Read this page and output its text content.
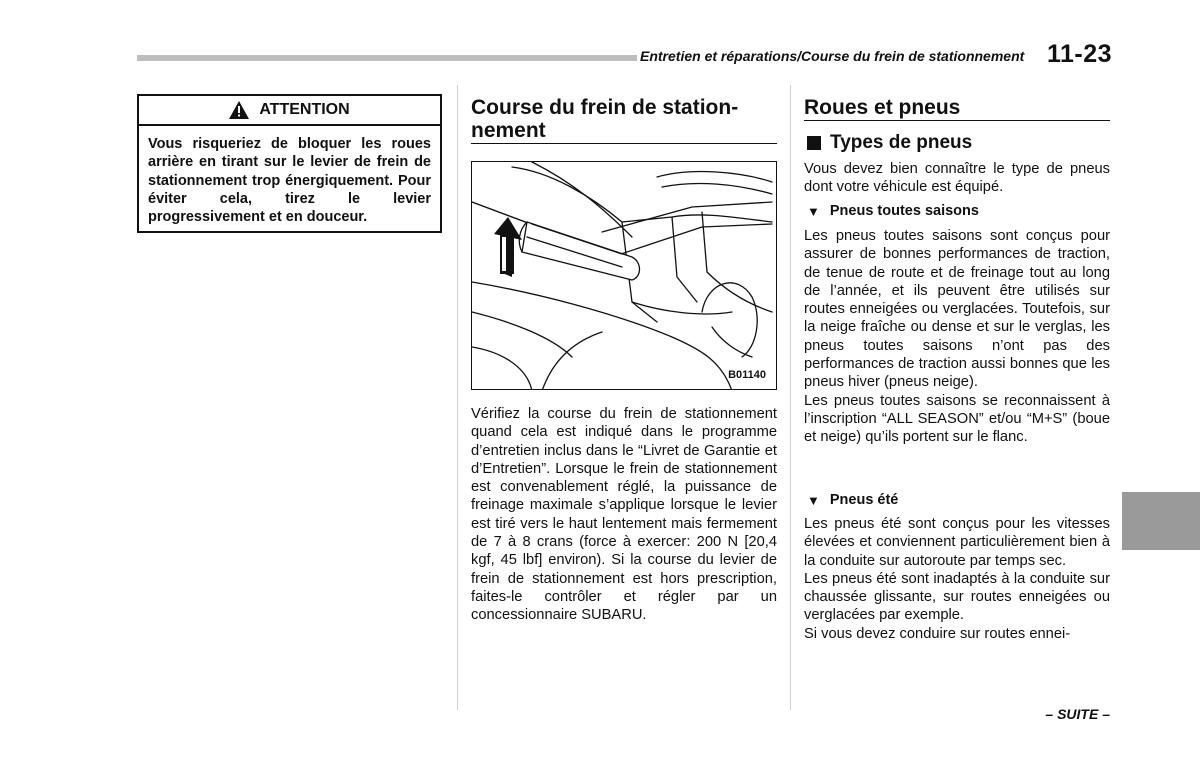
Entretien et réparations/Course du frein de stationnement 11-23
ATTENTION
Vous risqueriez de bloquer les roues arrière en tirant sur le levier de frein de stationnement trop énergiquement. Pour éviter cela, tirez le levier progressivement et en douceur.
Course du frein de station-
nement
B01140

Vérifiez la course du frein de stationnement quand cela est indiqué dans le programme d’entretien inclus dans le “Livret de Garantie et d’Entretien”. Lorsque le frein de stationnement est convenablement réglé, la puissance de freinage maximale s’applique lorsque le levier est tiré vers le haut lentement mais fermement de 7 à 8 crans (force à exercer: 200 N [20,4 kgf, 45 lbf] environ). Si la course du levier de frein de stationnement est hors prescription, faites-le contrôler et régler par un concessionnaire SUBARU.

Roues et pneus
Types de pneus

Vous devez bien connaître le type de pneus dont votre véhicule est équipé.

▼ Pneus toutes saisons

Les pneus toutes saisons sont conçus pour assurer de bonnes performances de traction, de tenue de route et de freinage tout au long de l’année, et ils peuvent être utilisés sur routes enneigées ou verglacées. Toutefois, sur la neige fraîche ou dense et sur le verglas, les pneus toutes saisons n’ont pas des performances de traction aussi bonnes que les pneus hiver (pneus neige).

Les pneus toutes saisons se reconnaissent à l’inscription “ALL SEASON” et/ou “M+S” (boue et neige) qu’ils portent sur le flanc.

▼ Pneus été

Les pneus été sont conçus pour les vitesses élevées et conviennent particulièrement bien à la conduite sur autoroute par temps sec.

Les pneus été sont inadaptés à la conduite sur chaussée glissante, sur routes enneigées ou verglacées par exemple.

Si vous devez conduire sur routes ennei-

– SUITE –
